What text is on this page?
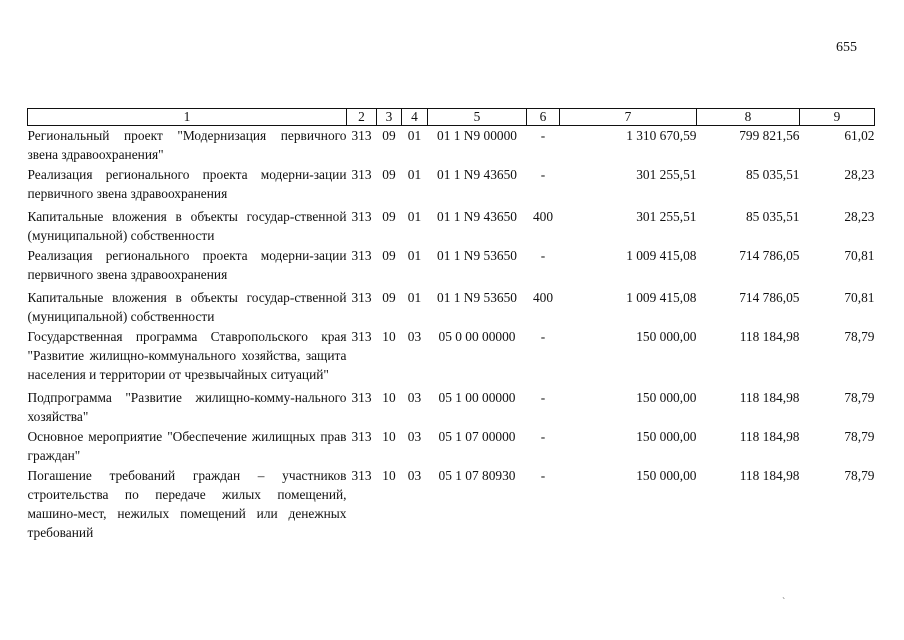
655
1	2	3	4	5	6	7	8	9
Региональный проект "Модернизация первичного звена здравоохранения"	313	09	01	01 1 N9 00000	-	1 310 670,59	799 821,56	61,02
Реализация регионального проекта модерни-зации первичного звена здравоохранения	313	09	01	01 1 N9 43650	-	301 255,51	85 035,51	28,23
Капитальные вложения в объекты государ-ственной (муниципальной) собственности	313	09	01	01 1 N9 43650	400	301 255,51	85 035,51	28,23
Реализация регионального проекта модерни-зации первичного звена здравоохранения	313	09	01	01 1 N9 53650	-	1 009 415,08	714 786,05	70,81
Капитальные вложения в объекты государ-ственной (муниципальной) собственности	313	09	01	01 1 N9 53650	400	1 009 415,08	714 786,05	70,81
Государственная программа Ставропольского края "Развитие жилищно-коммунального хозяйства, защита населения и территории от чрезвычайных ситуаций"	313	10	03	05 0 00 00000	-	150 000,00	118 184,98	78,79
Подпрограмма "Развитие жилищно-комму-нального хозяйства"	313	10	03	05 1 00 00000	-	150 000,00	118 184,98	78,79
Основное мероприятие "Обеспечение жилищных прав граждан"	313	10	03	05 1 07 00000	-	150 000,00	118 184,98	78,79
Погашение требований граждан – участников строительства по передаче жилых помещений, машино-мест, нежилых помещений или денежных требований	313	10	03	05 1 07 80930	-	150 000,00	118 184,98	78,79
ˋ
